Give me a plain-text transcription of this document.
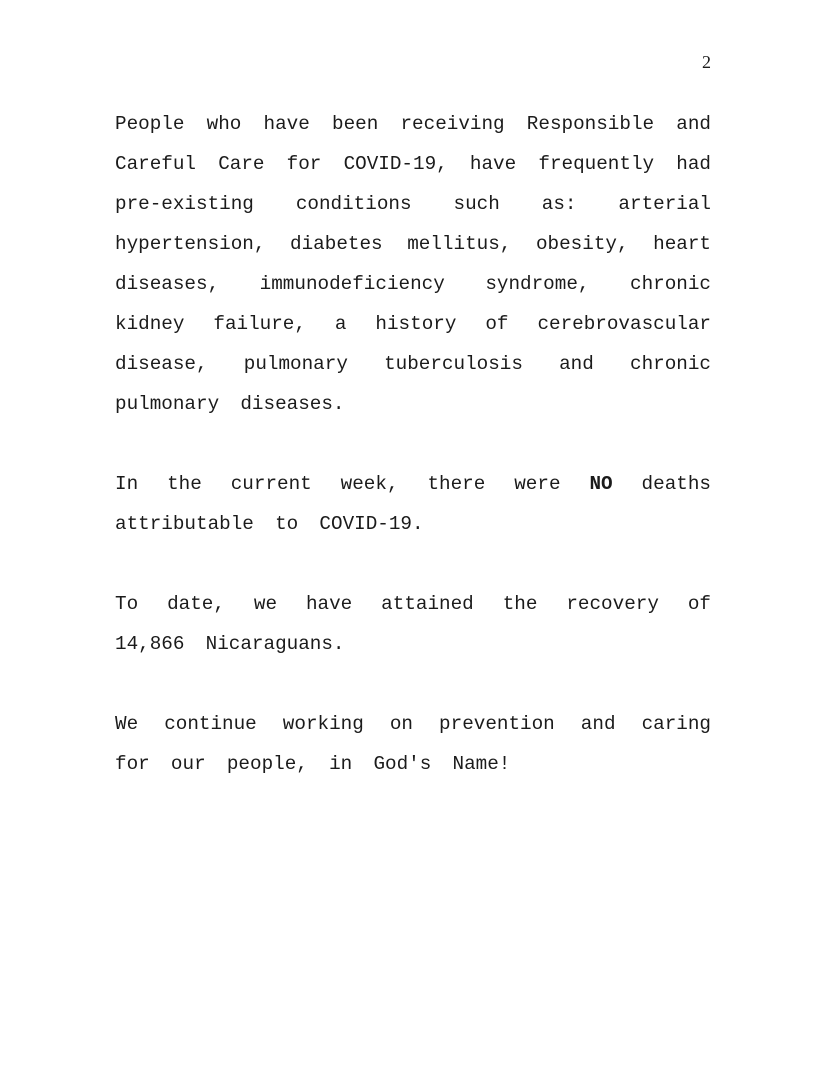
2
People who have been receiving Responsible and
Careful Care for COVID-19, have frequently had
pre-existing conditions such as: arterial
hypertension, diabetes mellitus, obesity, heart
diseases, immunodeficiency syndrome, chronic
kidney failure, a history of cerebrovascular
disease, pulmonary tuberculosis and chronic
pulmonary diseases.
In the current week, there were NO deaths
attributable to COVID-19.
To date, we have attained the recovery of
14,866 Nicaraguans.
We continue working on prevention and caring
for our people, in God's Name!
